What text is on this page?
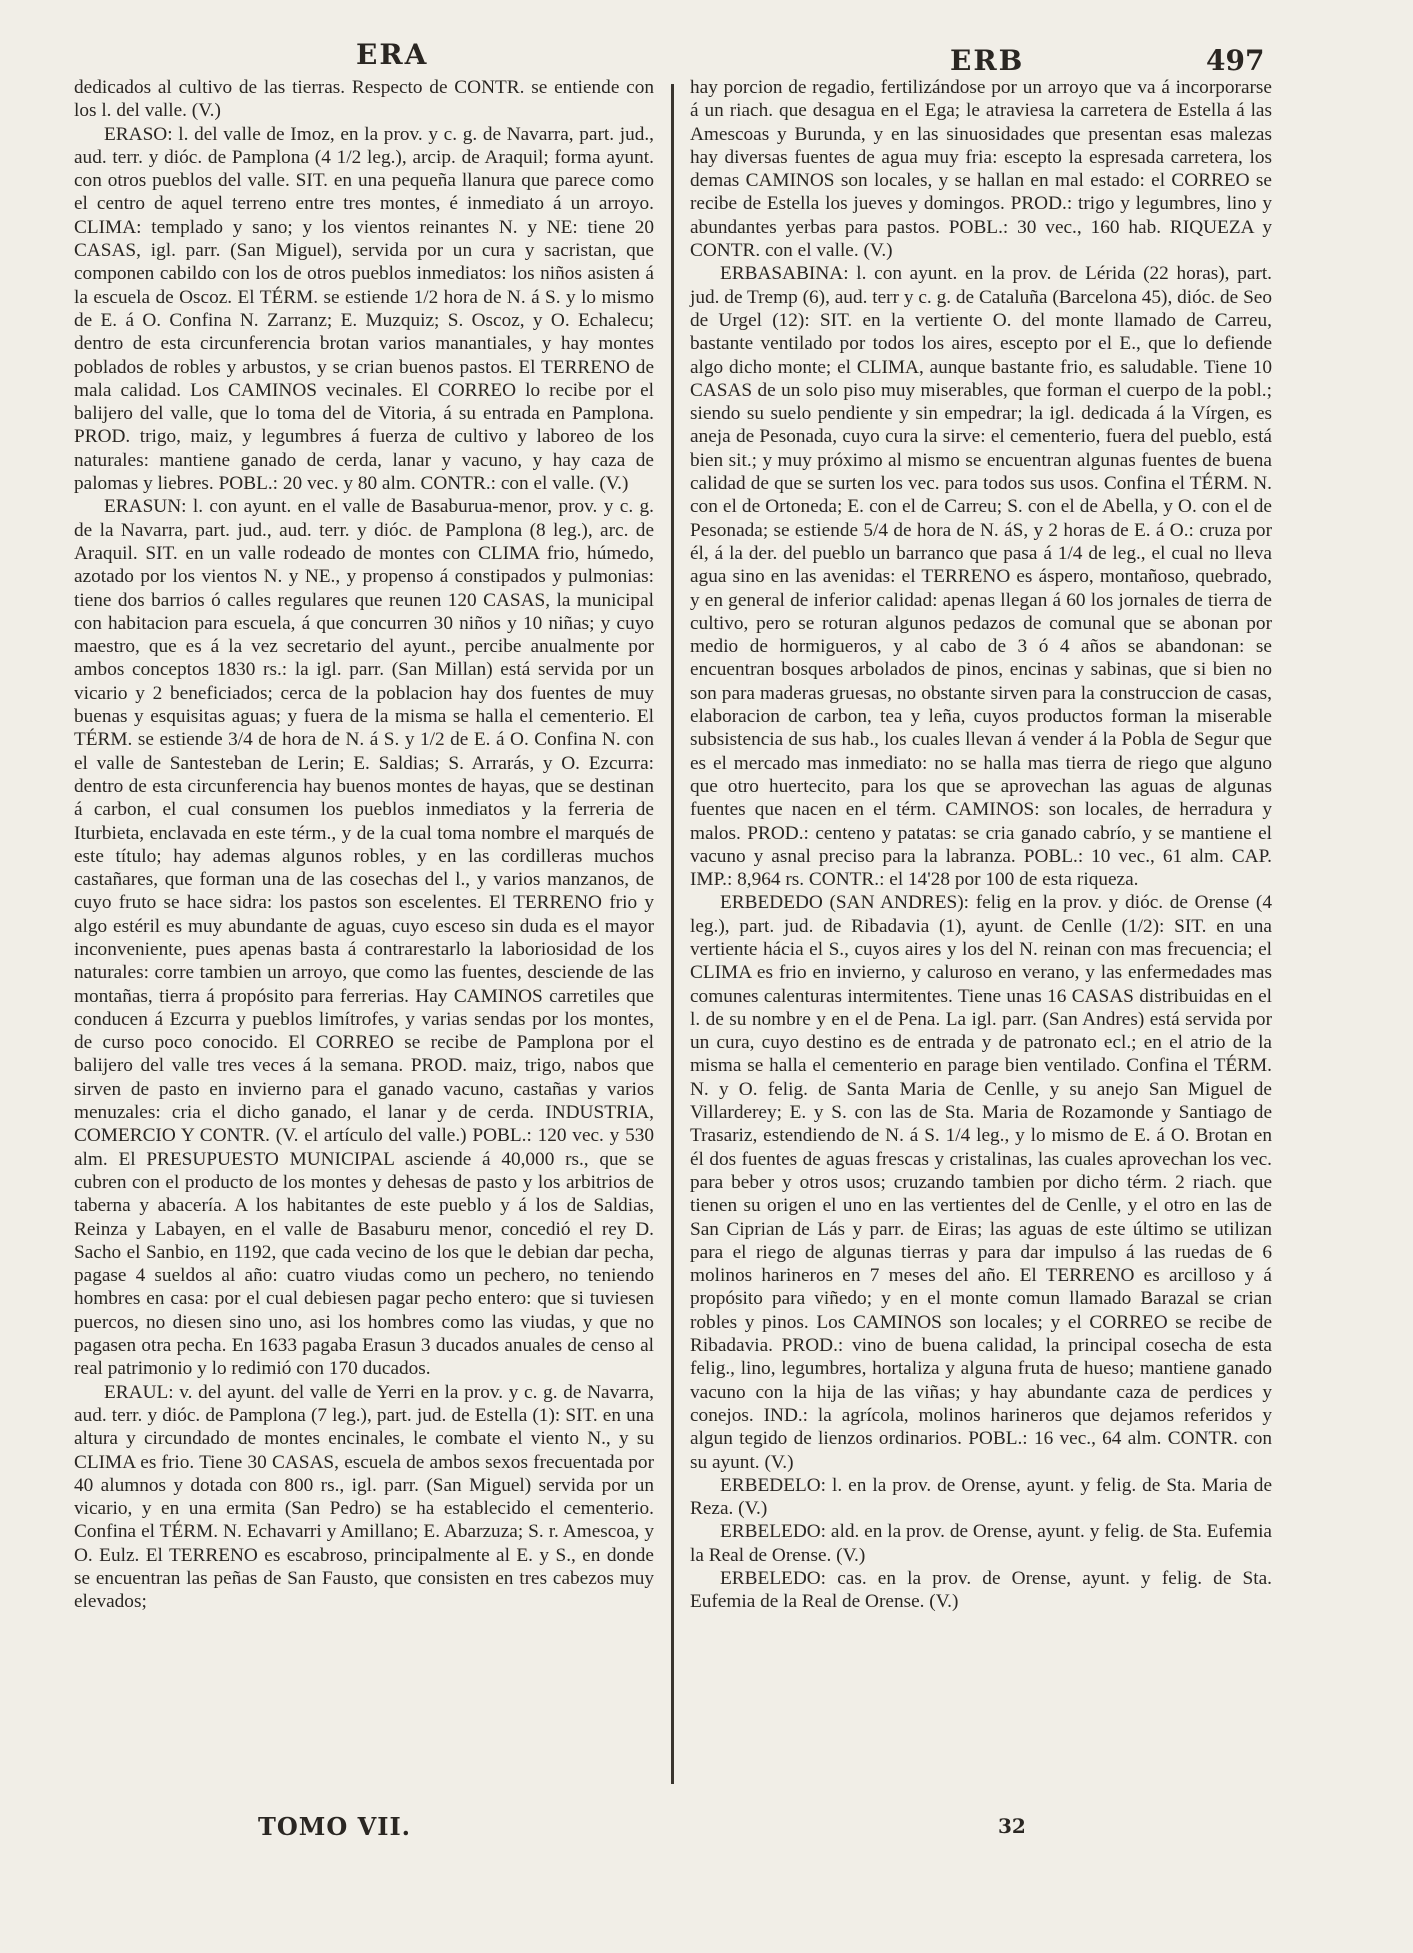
ERA	ERB	497

dedicados al cultivo de las tierras. Respecto de CONTR. se entiende con los l. del valle. (V.)

ERASO: l. del valle de Imoz, en la prov. y c. g. de Navarra, part. jud., aud. terr. y dióc. de Pamplona (4 1/2 leg.), arcip. de Araquil; forma ayunt. con otros pueblos del valle. SIT. en una pequeña llanura que parece como el centro de aquel terreno entre tres montes, é inmediato á un arroyo. CLIMA: templado y sano; y los vientos reinantes N. y NE: tiene 20 CASAS, igl. parr. (San Miguel), servida por un cura y sacristan, que componen cabildo con los de otros pueblos inmediatos: los niños asisten á la escuela de Oscoz. El TÉRM. se estiende 1/2 hora de N. á S. y lo mismo de E. á O. Confina N. Zarranz; E. Muzquiz; S. Oscoz, y O. Echalecu; dentro de esta circunferencia brotan varios manantiales, y hay montes poblados de robles y arbustos, y se crian buenos pastos. El TERRENO de mala calidad. Los CAMINOS vecinales. El CORREO lo recibe por el balijero del valle, que lo toma del de Vitoria, á su entrada en Pamplona. PROD. trigo, maiz, y legumbres á fuerza de cultivo y laboreo de los naturales: mantiene ganado de cerda, lanar y vacuno, y hay caza de palomas y liebres. POBL.: 20 vec. y 80 alm. CONTR.: con el valle. (V.)

ERASUN: l. con ayunt. en el valle de Basaburua-menor, prov. y c. g. de la Navarra, part. jud., aud. terr. y dióc. de Pamplona (8 leg.), arc. de Araquil. SIT. en un valle rodeado de montes con CLIMA frio, húmedo, azotado por los vientos N. y NE., y propenso á constipados y pulmonias: tiene dos barrios ó calles regulares que reunen 120 CASAS, la municipal con habitacion para escuela, á que concurren 30 niños y 10 niñas; y cuyo maestro, que es á la vez secretario del ayunt., percibe anualmente por ambos conceptos 1830 rs.: la igl. parr. (San Millan) está servida por un vicario y 2 beneficiados; cerca de la poblacion hay dos fuentes de muy buenas y esquisitas aguas; y fuera de la misma se halla el cementerio. El TÉRM. se estiende 3/4 de hora de N. á S. y 1/2 de E. á O. Confina N. con el valle de Santesteban de Lerin; E. Saldias; S. Arrarás, y O. Ezcurra: dentro de esta circunferencia hay buenos montes de hayas, que se destinan á carbon, el cual consumen los pueblos inmediatos y la ferreria de Iturbieta, enclavada en este térm., y de la cual toma nombre el marqués de este título; hay ademas algunos robles, y en las cordilleras muchos castañares, que forman una de las cosechas del l., y varios manzanos, de cuyo fruto se hace sidra: los pastos son escelentes. El TERRENO frio y algo estéril es muy abundante de aguas, cuyo esceso sin duda es el mayor inconveniente, pues apenas basta á contrarestarlo la laboriosidad de los naturales: corre tambien un arroyo, que como las fuentes, desciende de las montañas, tierra á propósito para ferrerias. Hay CAMINOS carretiles que conducen á Ezcurra y pueblos limítrofes, y varias sendas por los montes, de curso poco conocido. El CORREO se recibe de Pamplona por el balijero del valle tres veces á la semana. PROD. maiz, trigo, nabos que sirven de pasto en invierno para el ganado vacuno, castañas y varios menuzales: cria el dicho ganado, el lanar y de cerda. INDUSTRIA, COMERCIO Y CONTR. (V. el artículo del valle.) POBL.: 120 vec. y 530 alm. El PRESUPUESTO MUNICIPAL asciende á 40,000 rs., que se cubren con el producto de los montes y dehesas de pasto y los arbitrios de taberna y abacería. A los habitantes de este pueblo y á los de Saldias, Reinza y Labayen, en el valle de Basaburu menor, concedió el rey D. Sacho el Sanbio, en 1192, que cada vecino de los que le debian dar pecha, pagase 4 sueldos al año: cuatro viudas como un pechero, no teniendo hombres en casa: por el cual debiesen pagar pecho entero: que si tuviesen puercos, no diesen sino uno, asi los hombres como las viudas, y que no pagasen otra pecha. En 1633 pagaba Erasun 3 ducados anuales de censo al real patrimonio y lo redimió con 170 ducados.

ERAUL: v. del ayunt. del valle de Yerri en la prov. y c. g. de Navarra, aud. terr. y dióc. de Pamplona (7 leg.), part. jud. de Estella (1): SIT. en una altura y circundado de montes encinales, le combate el viento N., y su CLIMA es frio. Tiene 30 CASAS, escuela de ambos sexos frecuentada por 40 alumnos y dotada con 800 rs., igl. parr. (San Miguel) servida por un vicario, y en una ermita (San Pedro) se ha establecido el cementerio. Confina el TÉRM. N. Echavarri y Amillano; E. Abarzuza; S. r. Amescoa, y O. Eulz. El TERRENO es escabroso, principalmente al E. y S., en donde se encuentran las peñas de San Fausto, que consisten en tres cabezos muy elevados;

hay porcion de regadio, fertilizándose por un arroyo que va á incorporarse á un riach. que desagua en el Ega; le atraviesa la carretera de Estella á las Amescoas y Burunda, y en las sinuosidades que presentan esas malezas hay diversas fuentes de agua muy fria: escepto la espresada carretera, los demas CAMINOS son locales, y se hallan en mal estado: el CORREO se recibe de Estella los jueves y domingos. PROD.: trigo y legumbres, lino y abundantes yerbas para pastos. POBL.: 30 vec., 160 hab. RIQUEZA y CONTR. con el valle. (V.)

ERBASABINA: l. con ayunt. en la prov. de Lérida (22 horas), part. jud. de Tremp (6), aud. terr y c. g. de Cataluña (Barcelona 45), dióc. de Seo de Urgel (12): SIT. en la vertiente O. del monte llamado de Carreu, bastante ventilado por todos los aires, escepto por el E., que lo defiende algo dicho monte; el CLIMA, aunque bastante frio, es saludable. Tiene 10 CASAS de un solo piso muy miserables, que forman el cuerpo de la pobl.; siendo su suelo pendiente y sin empedrar; la igl. dedicada á la Vírgen, es aneja de Pesonada, cuyo cura la sirve: el cementerio, fuera del pueblo, está bien sit.; y muy próximo al mismo se encuentran algunas fuentes de buena calidad de que se surten los vec. para todos sus usos. Confina el TÉRM. N. con el de Ortoneda; E. con el de Carreu; S. con el de Abella, y O. con el de Pesonada; se estiende 5/4 de hora de N. áS, y 2 horas de E. á O.: cruza por él, á la der. del pueblo un barranco que pasa á 1/4 de leg., el cual no lleva agua sino en las avenidas: el TERRENO es áspero, montañoso, quebrado, y en general de inferior calidad: apenas llegan á 60 los jornales de tierra de cultivo, pero se roturan algunos pedazos de comunal que se abonan por medio de hormigueros, y al cabo de 3 ó 4 años se abandonan: se encuentran bosques arbolados de pinos, encinas y sabinas, que si bien no son para maderas gruesas, no obstante sirven para la construccion de casas, elaboracion de carbon, tea y leña, cuyos productos forman la miserable subsistencia de sus hab., los cuales llevan á vender á la Pobla de Segur que es el mercado mas inmediato: no se halla mas tierra de riego que alguno que otro huertecito, para los que se aprovechan las aguas de algunas fuentes que nacen en el térm. CAMINOS: son locales, de herradura y malos. PROD.: centeno y patatas: se cria ganado cabrío, y se mantiene el vacuno y asnal preciso para la labranza. POBL.: 10 vec., 61 alm. CAP. IMP.: 8,964 rs. CONTR.: el 14'28 por 100 de esta riqueza.

ERBEDEDO (SAN ANDRES): felig en la prov. y dióc. de Orense (4 leg.), part. jud. de Ribadavia (1), ayunt. de Cenlle (1/2): SIT. en una vertiente hácia el S., cuyos aires y los del N. reinan con mas frecuencia; el CLIMA es frio en invierno, y caluroso en verano, y las enfermedades mas comunes calenturas intermitentes. Tiene unas 16 CASAS distribuidas en el l. de su nombre y en el de Pena. La igl. parr. (San Andres) está servida por un cura, cuyo destino es de entrada y de patronato ecl.; en el atrio de la misma se halla el cementerio en parage bien ventilado. Confina el TÉRM. N. y O. felig. de Santa Maria de Cenlle, y su anejo San Miguel de Villarderey; E. y S. con las de Sta. Maria de Rozamonde y Santiago de Trasariz, estendiendo de N. á S. 1/4 leg., y lo mismo de E. á O. Brotan en él dos fuentes de aguas frescas y cristalinas, las cuales aprovechan los vec. para beber y otros usos; cruzando tambien por dicho térm. 2 riach. que tienen su origen el uno en las vertientes del de Cenlle, y el otro en las de San Ciprian de Lás y parr. de Eiras; las aguas de este último se utilizan para el riego de algunas tierras y para dar impulso á las ruedas de 6 molinos harineros en 7 meses del año. El TERRENO es arcilloso y á propósito para viñedo; y en el monte comun llamado Barazal se crian robles y pinos. Los CAMINOS son locales; y el CORREO se recibe de Ribadavia. PROD.: vino de buena calidad, la principal cosecha de esta felig., lino, legumbres, hortaliza y alguna fruta de hueso; mantiene ganado vacuno con la hija de las viñas; y hay abundante caza de perdices y conejos. IND.: la agrícola, molinos harineros que dejamos referidos y algun tegido de lienzos ordinarios. POBL.: 16 vec., 64 alm. CONTR. con su ayunt. (V.)

ERBEDELO: l. en la prov. de Orense, ayunt. y felig. de Sta. Maria de Reza. (V.)

ERBELEDO: ald. en la prov. de Orense, ayunt. y felig. de Sta. Eufemia la Real de Orense. (V.)

ERBELEDO: cas. en la prov. de Orense, ayunt. y felig. de Sta. Eufemia de la Real de Orense. (V.)

TOMO VII.	32
